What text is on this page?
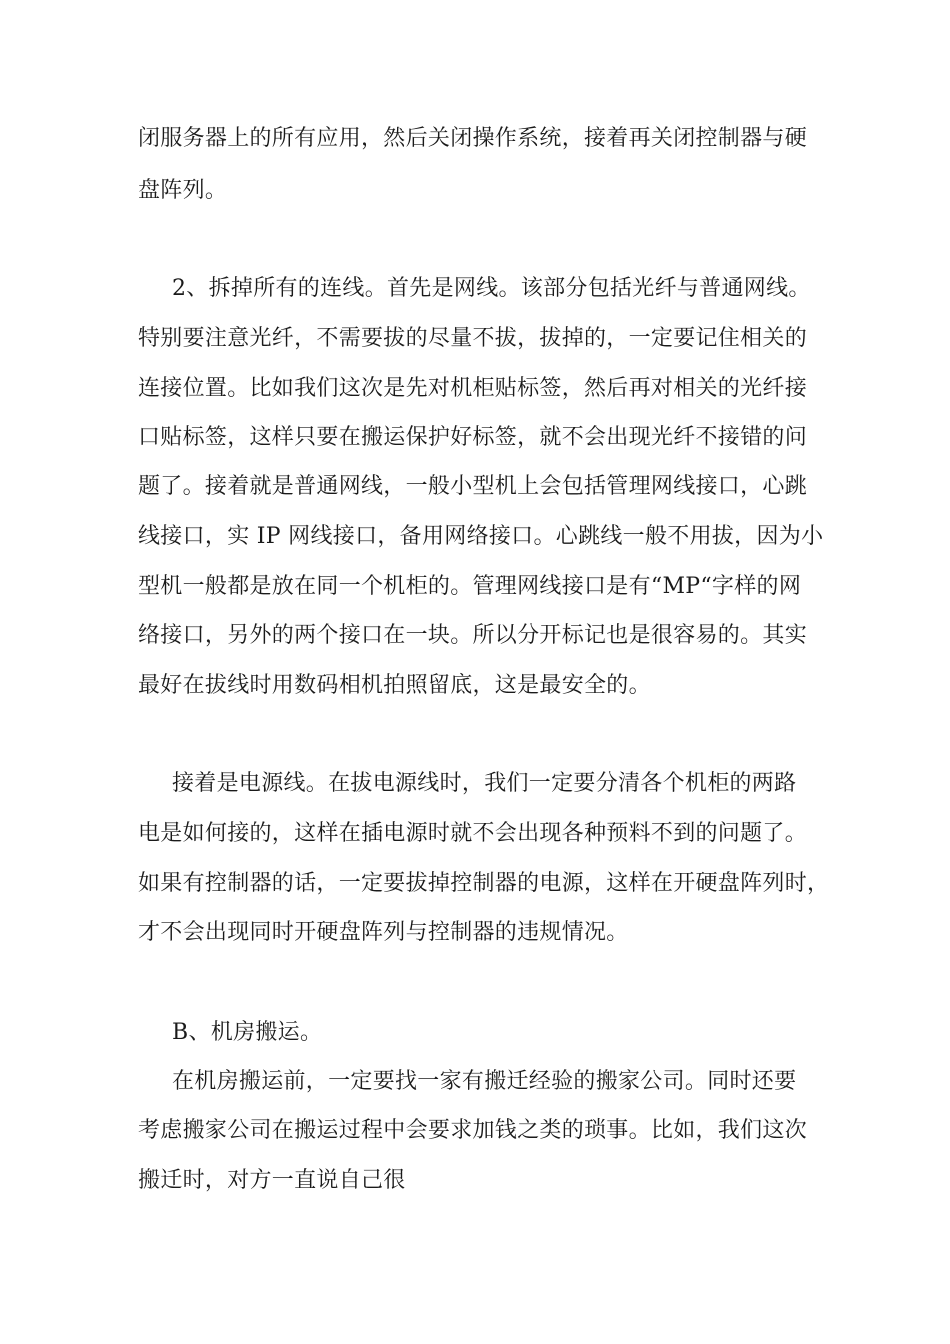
闭服务器上的所有应用，然后关闭操作系统，接着再关闭控制器与硬
盘阵列。
2、拆掉所有的连线。首先是网线。该部分包括光纤与普通网线。
特别要注意光纤，不需要拔的尽量不拔，拔掉的，一定要记住相关的
连接位置。比如我们这次是先对机柜贴标签，然后再对相关的光纤接
口贴标签，这样只要在搬运保护好标签，就不会出现光纤不接错的问
题了。接着就是普通网线，一般小型机上会包括管理网线接口，心跳
线接口，实 IP 网线接口，备用网络接口。心跳线一般不用拔，因为小
型机一般都是放在同一个机柜的。管理网线接口是有“MP“字样的网
络接口，另外的两个接口在一块。所以分开标记也是很容易的。其实
最好在拔线时用数码相机拍照留底，这是最安全的。
接着是电源线。在拔电源线时，我们一定要分清各个机柜的两路
电是如何接的，这样在插电源时就不会出现各种预料不到的问题了。
如果有控制器的话，一定要拔掉控制器的电源，这样在开硬盘阵列时，
才不会出现同时开硬盘阵列与控制器的违规情况。
B、机房搬运。
在机房搬运前，一定要找一家有搬迁经验的搬家公司。同时还要
考虑搬家公司在搬运过程中会要求加钱之类的琐事。比如，我们这次
搬迁时，对方一直说自己很
